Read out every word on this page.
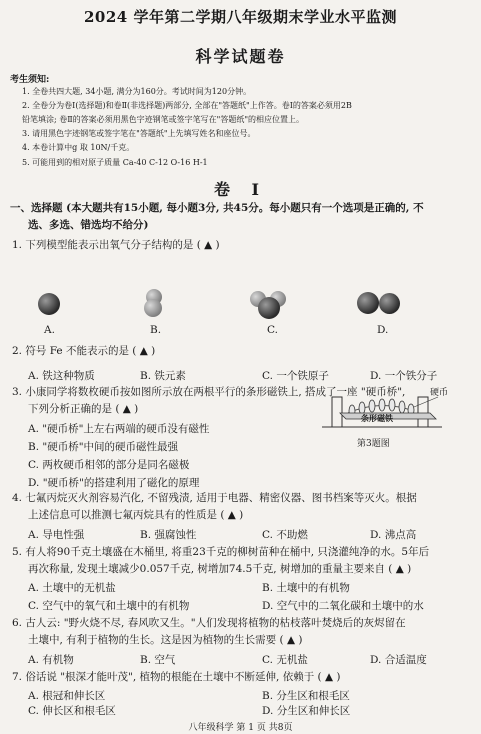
2024 学年第二学期八年级期末学业水平监测
科学试题卷
考生须知:
1. 全卷共四大题, 34小题, 满分为160分。考试时间为120分钟。
2. 全卷分为卷Ⅰ(选择题)和卷Ⅱ(非选择题)两部分, 全部在"答题纸"上作答。卷Ⅰ的答案必须用2B
铅笔填涂; 卷Ⅱ的答案必须用黑色字迹钢笔或签字笔写在"答题纸"的相应位置上。
3. 请用黑色字迹钢笔或签字笔在"答题纸"上先填写姓名和座位号。
4. 本卷计算中g 取 10N/千克。
5. 可能用到的相对原子质量 Ca-40 C-12 O-16 H-1
卷 Ⅰ
一、选择题 (本大题共有15小题, 每小题3分, 共45分。每小题只有一个选项是正确的, 不
选、多选、错选均不给分)
1. 下列模型能表示出氧气分子结构的是 ( ▲ )
A.	B.	C.	D.
2. 符号 Fe 不能表示的是 ( ▲ )
A. 铁这种物质	B. 铁元素	C. 一个铁原子	D. 一个铁分子
3. 小康同学将数枚硬币按如图所示放在两根平行的条形磁铁上, 搭成了一座 "硬币桥",
下列分析正确的是 ( ▲ )
A. "硬币桥"上左右两端的硬币没有磁性
B. "硬币桥"中间的硬币磁性最强
C. 两枚硬币相邻的部分是同名磁极
D. "硬币桥"的搭建利用了磁化的原理
硬币
条形磁铁
第3题图
4. 七氟丙烷灭火剂容易汽化, 不留残渍, 适用于电器、精密仪器、图书档案等灭火。根据
上述信息可以推测七氟丙烷具有的性质是 ( ▲ )
A. 导电性强	B. 强腐蚀性	C. 不助燃	D. 沸点高
5. 有人将90千克土壤盛在木桶里, 将重23千克的柳树苗种在桶中, 只浇灌纯净的水。5年后
再次称量, 发现土壤减少0.057千克, 树增加74.5千克, 树增加的重量主要来自 ( ▲ )
A. 土壤中的无机盐	B. 土壤中的有机物
C. 空气中的氧气和土壤中的有机物	D. 空气中的二氧化碳和土壤中的水
6. 古人云: "野火烧不尽, 春风吹又生。"人们发现将植物的枯枝落叶焚烧后的灰烬留在
土壤中, 有利于植物的生长。这是因为植物的生长需要 ( ▲ )
A. 有机物	B. 空气	C. 无机盐	D. 合适温度
7. 俗话说 "根深才能叶茂", 植物的根能在土壤中不断延伸, 依赖于 ( ▲ )
A. 根冠和伸长区	B. 分生区和根毛区
C. 伸长区和根毛区	D. 分生区和伸长区
八年级科学 第 1 页 共8页
